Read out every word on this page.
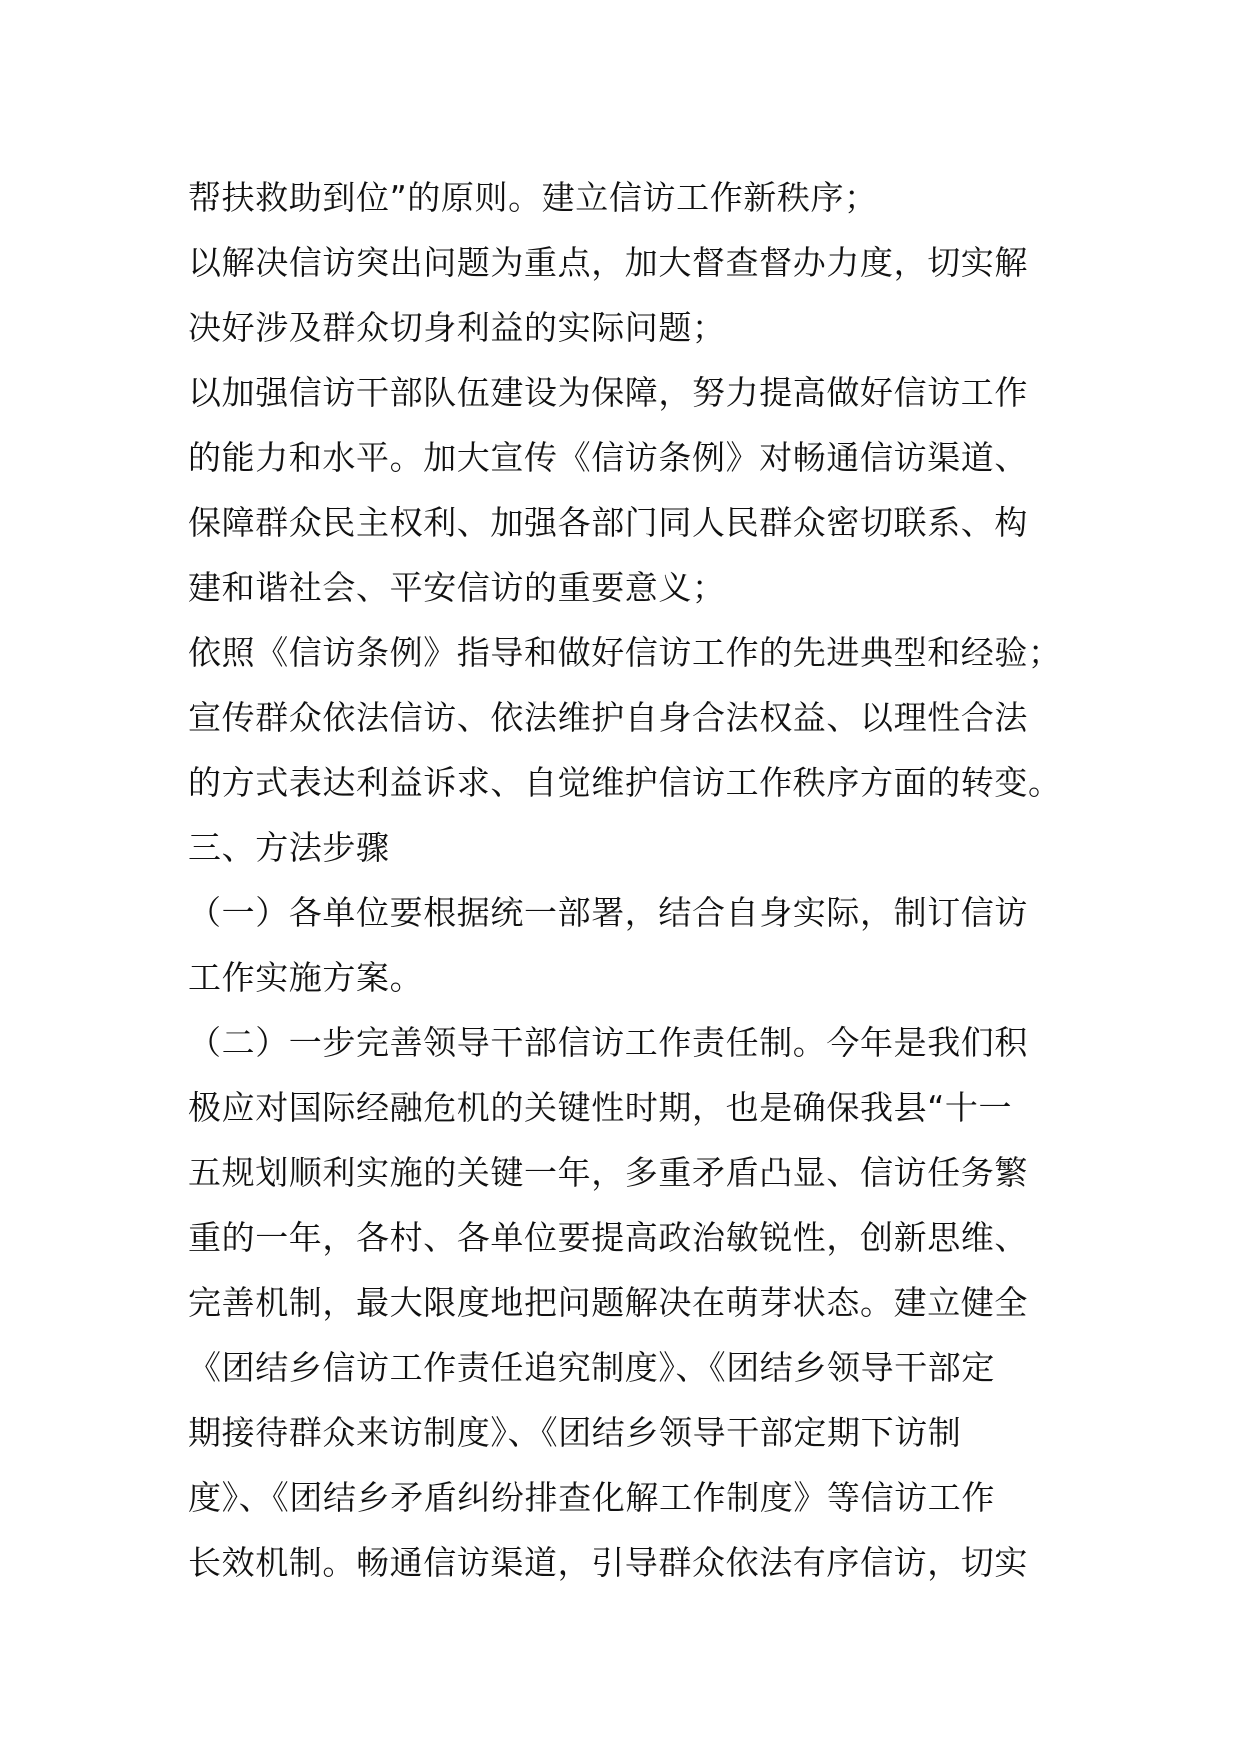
帮扶救助到位”的原则。建立信访工作新秩序；
以解决信访突出问题为重点，加大督查督办力度，切实解
决好涉及群众切身利益的实际问题；
以加强信访干部队伍建设为保障，努力提高做好信访工作
的能力和水平。加大宣传《信访条例》对畅通信访渠道、
保障群众民主权利、加强各部门同人民群众密切联系、构
建和谐社会、平安信访的重要意义；
依照《信访条例》指导和做好信访工作的先进典型和经验；
宣传群众依法信访、依法维护自身合法权益、以理性合法
的方式表达利益诉求、自觉维护信访工作秩序方面的转变。
三、方法步骤
（一）各单位要根据统一部署，结合自身实际，制订信访
工作实施方案。
（二）一步完善领导干部信访工作责任制。今年是我们积
极应对国际经融危机的关键性时期，也是确保我县“十一
五规划顺利实施的关键一年，多重矛盾凸显、信访任务繁
重的一年，各村、各单位要提高政治敏锐性，创新思维、
完善机制，最大限度地把问题解决在萌芽状态。建立健全
《团结乡信访工作责任追究制度》、《团结乡领导干部定
期接待群众来访制度》、《团结乡领导干部定期下访制
度》、《团结乡矛盾纠纷排查化解工作制度》等信访工作
长效机制。畅通信访渠道，引导群众依法有序信访，切实
